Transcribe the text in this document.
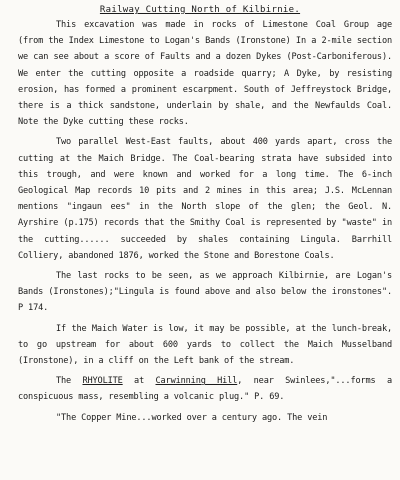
Railway Cutting North of Kilbirnie.

This excavation was made in rocks of Limestone Coal Group age (from the Index Limestone to Logan's Bands (Ironstone) In a 2-mile section we can see about a score of Faults and a dozen Dykes (Post-Carboniferous). We enter the cutting opposite a roadside quarry; A Dyke, by resisting erosion, has formed a prominent escarpment. South of Jeffreystock Bridge, there is a thick sandstone, underlain by shale, and the Newfaulds Coal. Note the Dyke cutting these rocks.

Two parallel West-East faults, about 400 yards apart, cross the cutting at the Maich Bridge. The Coal-bearing strata have subsided into this trough, and were known and worked for a long time. The 6-inch Geological Map records 10 pits and 2 mines in this area; J.S. McLennan mentions "ingaun ees" in the North slope of the glen; the Geol. N. Ayrshire (p.175) records that the Smithy Coal is represented by "waste" in the cutting...... succeeded by shales containing Lingula. Barrhill Colliery, abandoned 1876, worked the Stone and Borestone Coals.

The last rocks to be seen, as we approach Kilbirnie, are Logan's Bands (Ironstones);"Lingula is found above and also below the ironstones". P 174.

If the Maich Water is low, it may be possible, at the lunch-break, to go upstream for about 600 yards to collect the Maich Musselband (Ironstone), in a cliff on the Left bank of the stream.

The RHYOLITE at Carwinning Hill, near Swinlees,"...forms a conspicuous mass, resembling a volcanic plug." P. 69.

"The Copper Mine...worked over a century ago. The vein
